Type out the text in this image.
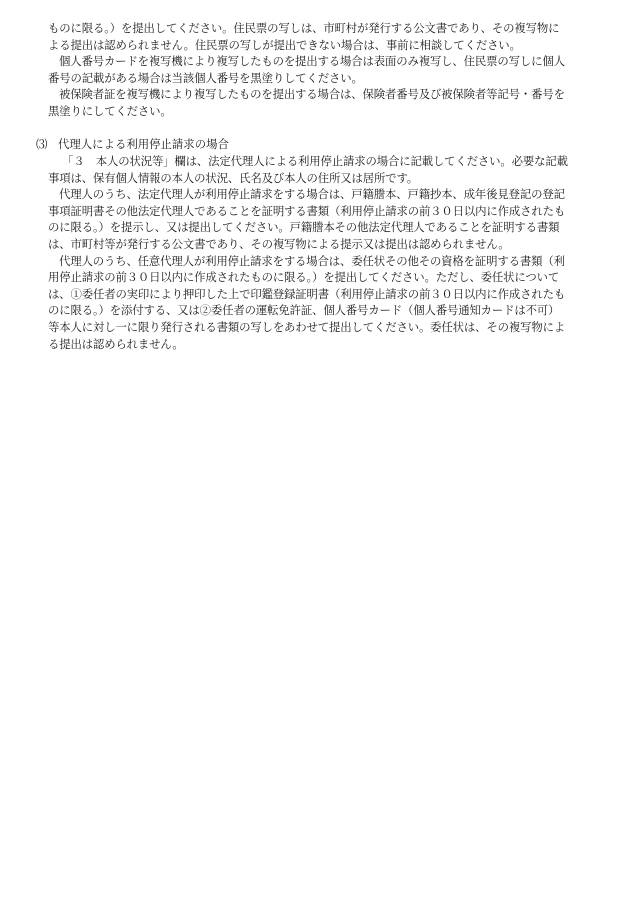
ものに限る。）を提出してください。住民票の写しは、市町村が発行する公文書であり、その複写物に
よる提出は認められません。住民票の写しが提出できない場合は、事前に相談してください。
個人番号カードを複写機により複写したものを提出する場合は表面のみ複写し、住民票の写しに個人
番号の記載がある場合は当該個人番号を黒塗りしてください。
被保険者証を複写機により複写したものを提出する場合は、保険者番号及び被保険者等記号・番号を
黒塗りにしてください。
⑶ 代理人による利用停止請求の場合
「３　本人の状況等」欄は、法定代理人による利用停止請求の場合に記載してください。必要な記載
事項は、保有個人情報の本人の状況、氏名及び本人の住所又は居所です。
代理人のうち、法定代理人が利用停止請求をする場合は、戸籍謄本、戸籍抄本、成年後見登記の登記
事項証明書その他法定代理人であることを証明する書類（利用停止請求の前３０日以内に作成されたも
のに限る。）を提示し、又は提出してください。戸籍謄本その他法定代理人であることを証明する書類
は、市町村等が発行する公文書であり、その複写物による提示又は提出は認められません。
代理人のうち、任意代理人が利用停止請求をする場合は、委任状その他その資格を証明する書類（利
用停止請求の前３０日以内に作成されたものに限る。）を提出してください。ただし、委任状について
は、①委任者の実印により押印した上で印鑑登録証明書（利用停止請求の前３０日以内に作成されたも
のに限る。）を添付する、又は②委任者の運転免許証、個人番号カード（個人番号通知カードは不可）
等本人に対し一に限り発行される書類の写しをあわせて提出してください。委任状は、その複写物によ
る提出は認められません。
